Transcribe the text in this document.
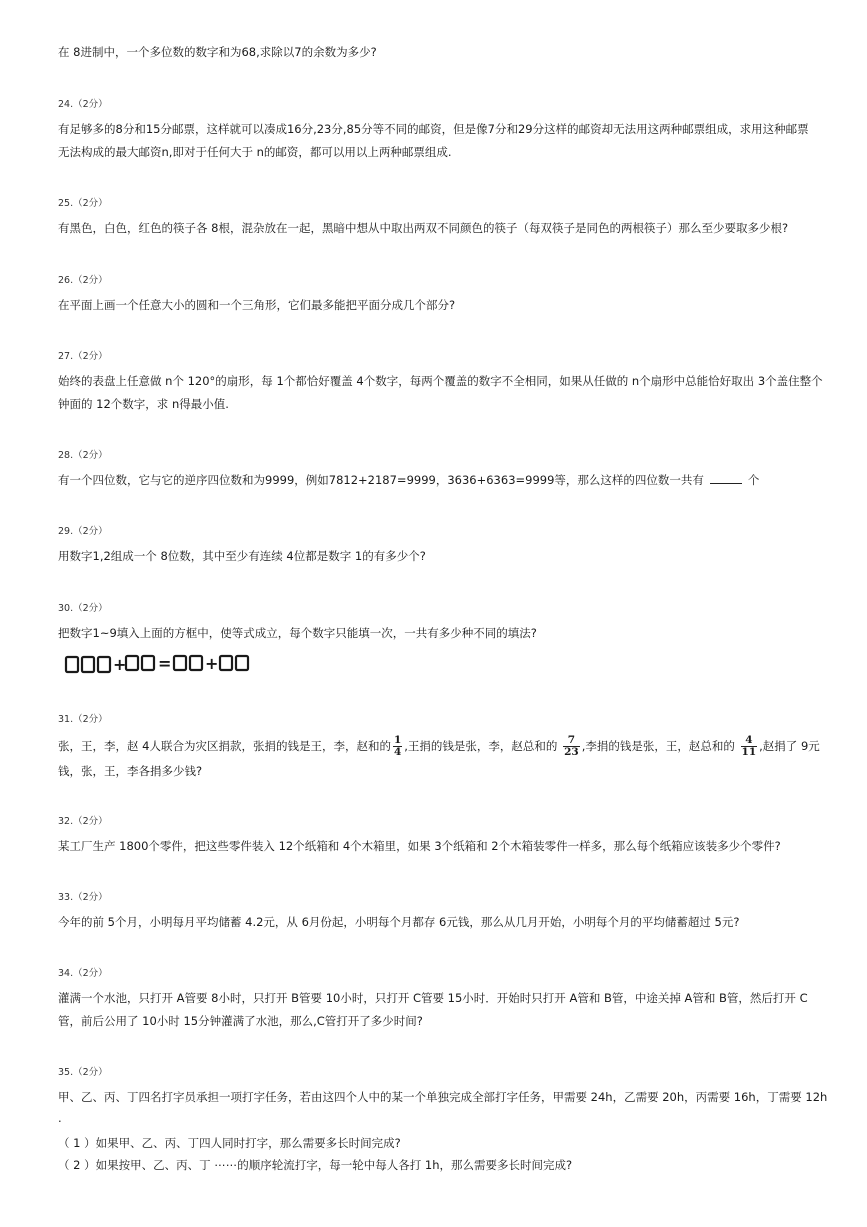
在 8进制中，一个多位数的数字和为68,求除以7的余数为多少?
24.（2分）
有足够多的8分和15分邮票，这样就可以凑成16分,23分,85分等不同的邮资，但是像7分和29分这样的邮资却无法用这两种邮票组成，求用这种邮票
无法构成的最大邮资n,即对于任何大于 n的邮资，都可以用以上两种邮票组成.
25.（2分）
有黑色，白色，红色的筷子各 8根，混杂放在一起，黑暗中想从中取出两双不同颜色的筷子（每双筷子是同色的两根筷子）那么至少要取多少根?
26.（2分）
在平面上画一个任意大小的圆和一个三角形，它们最多能把平面分成几个部分?
27.（2分）
始终的表盘上任意做 n个 120°的扇形，每 1个都恰好覆盖 4个数字，每两个覆盖的数字不全相同，如果从任做的 n个扇形中总能恰好取出 3个盖住整个
钟面的 12个数字，求 n得最小值.
28.（2分）
有一个四位数，它与它的逆序四位数和为9999，例如7812+2187=9999，3636+6363=9999等，那么这样的四位数一共有	个
29.（2分）
用数字1,2组成一个 8位数，其中至少有连续 4位都是数字 1的有多少个?
30.（2分）
把数字1~9填入上面的方框中，使等式成立，每个数字只能填一次，一共有多少种不同的填法?
+ = +
31.（2分）
张，王，李，赵 4人联合为灾区捐款，张捐的钱是王，李，赵和的 $\frac{1}{4}$ ,王捐的钱是张，李，赵总和的 $\frac{7}{23}$ ,李捐的钱是张，王，赵总和的 $\frac{4}{11}$ ,赵捐了 9元
钱，张，王，李各捐多少钱?
32.（2分）
某工厂生产 1800个零件，把这些零件装入 12个纸箱和 4个木箱里，如果 3个纸箱和 2个木箱装零件一样多，那么每个纸箱应该装多少个零件?
33.（2分）
今年的前 5个月，小明每月平均储蓄 4.2元，从 6月份起，小明每个月都存 6元钱，那么从几月开始，小明每个月的平均储蓄超过 5元?
34.（2分）
灌满一个水池，只打开 A管要 8小时，只打开 B管要 10小时，只打开 C管要 15小时．开始时只打开 A管和 B管，中途关掉 A管和 B管，然后打开 C
管，前后公用了 10小时 15分钟灌满了水池，那么,C管打开了多少时间?
35.（2分）
甲、乙、丙、丁四名打字员承担一项打字任务，若由这四个人中的某一个单独完成全部打字任务，甲需要 24h，乙需要 20h，丙需要 16h，丁需要 12h
.
（ 1 ）如果甲、乙、丙、丁四人同时打字，那么需要多长时间完成?
（ 2 ）如果按甲、乙、丙、丁 ⋯⋯的顺序轮流打字，每一轮中每人各打 1h，那么需要多长时间完成?
